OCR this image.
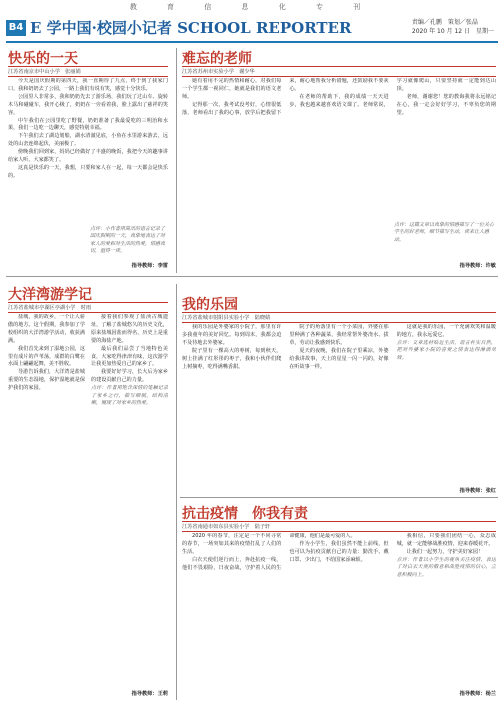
教 育 信 息 化 专 刊
B4 E 学中国·校园小记者 SCHOOL REPORTER	责编／孔鹏　策划／张晶
2020 年 10 月 12 日　星期一
快乐的一天
江苏省南京市中山小学　张丽娟

今天是国庆假期的第四天，我一直期待了九点，终于到了我家门口，我和奶奶去了公园，一路上我们有说有笑，感觉十分快乐。

公园里人非常多，我和奶奶先去了游乐场，我们玩了过山车、旋转木马和碰碰车，我开心极了，奶奶在一旁看着我，脸上露出了慈祥的笑容。

中午我们在公园里吃了野餐，奶奶准备了我最爱吃的三明治和水果，我们一边吃一边聊天，感觉特别幸福。

下午我们去了湖边划船，湖水清澈见底，小鱼在水里游来游去，远处的山峦连绵起伏，美丽极了。

傍晚我们回到家，妈妈已经做好了丰盛的晚饭，我把今天的趣事讲给家人听，大家都笑了。

这真是快乐的一天，我想，只要和家人在一起，每一天都会是快乐的。

点评：小作者用简洁的语言记录了国庆假期的一天，真挚地表达了对家人的爱和对生活的热爱，情感真切，值得一读。
指导教师：李雷
难忘的老师
江苏省苏州市实验小学　谢少华

她有着用不完的热情和耐心，对我们每一个学生都一视同仁，她就是我们的语文老师。

记得那一次，我考试没考好，心情很低落，老师看出了我的心事，放学后把我留下来，耐心地帮我分析错题，还鼓励我不要灰心。

在老师的帮助下，我的成绩一天天进步，我也越来越喜欢语文课了。老师常说，学习就像爬山，只要坚持就一定能到达山顶。

老师，谢谢您！您的教诲我将永远铭记在心，我一定会好好学习，不辜负您的期望。

点评：这篇文章以真挚的情感描写了一位关心学生的好老师，细节描写生动，读来让人感动。
指导教师：许敏
大洋湾游学记
江苏省盐城市亭湖区亭湖小学　时雨

盐城，我的故乡，一个让人骄傲的地方。这个假期，我参加了学校组织的大洋湾游学活动，收获满满。

我们首先来到了湿地公园，这里有成片的芦苇荡，成群的白鹭在水面上翩翩起舞，美不胜收。

导游告诉我们，大洋湾是盐城重要的生态湿地，保护湿地就是保护我们的家园。

接着我们参观了盐渎古城遗址，了解了盐城悠久的历史文化，原来盐城因盐而得名，历史上是重要的海盐产地。

最后我们品尝了当地特色美食，大家吃得津津有味，这次游学让我更加热爱自己的家乡了。

我要好好学习，长大后为家乡的建设贡献自己的力量。

点评：作者用饱含深情的笔触记录了家乡之行，描写细腻，结构清晰，展现了对家乡的热爱。

指导教师：王莉
我的乐园
江苏省盐城市射阳县实验小学　陆晓婧

我的乐园是外婆家的小院子，那里有许多我童年的美好回忆。每到周末，我都会迫不及待地去外婆家。

院子里有一棵高大的枣树，每到秋天，树上挂满了红彤彤的枣子，我和小伙伴们爬上树摘枣，吃得满嘴香甜。

院子的角落里有一个小菜园，外婆在那里种满了各种蔬菜，我经常帮外婆浇水、拔草，劳动让我感到快乐。

夏天的夜晚，我们在院子里乘凉，外婆给我讲故事，天上的星星一闪一闪的，好像在听故事一样。

这就是我的乐园，一个充满欢笑和温暖的地方，我永远爱它。

点评：文章选材贴近生活，语言朴实自然，把对外婆家小院的喜爱之情表达得淋漓尽致。

指导教师：张红
抗击疫情　你我有责
江苏省南通市如东县实验小学　陆子轩

2020 年的春节，注定是一个不同寻常的春节，一场突如其来的疫情打乱了人们的生活。

白衣天使们逆行而上，奔赴抗疫一线，他们不畏艰险，日夜奋战，守护着人民的生命健康，他们是最可爱的人。

作为小学生，我们虽然不能上前线，但也可以为抗疫贡献自己的力量：勤洗手、戴口罩、少出门，不给国家添麻烦。

我相信，只要我们团结一心，众志成城，就一定能够战胜疫情，迎来春暖花开。

让我们一起努力，守护美好家园！

点评：作者以小学生的视角关注疫情，表达了对白衣天使的敬意和战胜疫情的信心，立意积极向上。

指导教师：杨兰
